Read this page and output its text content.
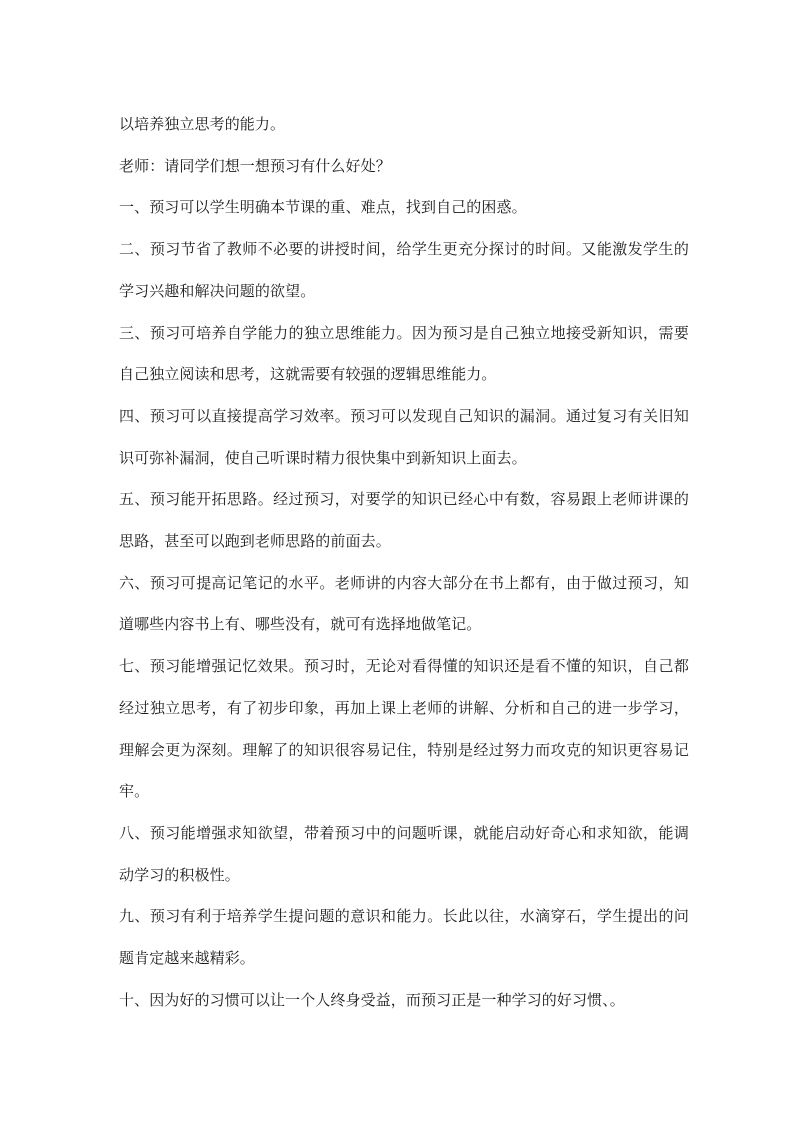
以培养独立思考的能力。

老师：请同学们想一想预习有什么好处？

一、预习可以学生明确本节课的重、难点，找到自己的困惑。

二、预习节省了教师不必要的讲授时间，给学生更充分探讨的时间。又能激发学生的学习兴趣和解决问题的欲望。

三、预习可培养自学能力的独立思维能力。因为预习是自己独立地接受新知识，需要自己独立阅读和思考，这就需要有较强的逻辑思维能力。

四、预习可以直接提高学习效率。预习可以发现自己知识的漏洞。通过复习有关旧知识可弥补漏洞，使自己听课时精力很快集中到新知识上面去。

五、预习能开拓思路。经过预习，对要学的知识已经心中有数，容易跟上老师讲课的思路，甚至可以跑到老师思路的前面去。

六、预习可提高记笔记的水平。老师讲的内容大部分在书上都有，由于做过预习，知道哪些内容书上有、哪些没有，就可有选择地做笔记。

七、预习能增强记忆效果。预习时，无论对看得懂的知识还是看不懂的知识，自己都经过独立思考，有了初步印象，再加上课上老师的讲解、分析和自己的进一步学习，理解会更为深刻。理解了的知识很容易记住，特别是经过努力而攻克的知识更容易记牢。

八、预习能增强求知欲望，带着预习中的问题听课，就能启动好奇心和求知欲，能调动学习的积极性。

九、预习有利于培养学生提问题的意识和能力。长此以往，水滴穿石，学生提出的问题肯定越来越精彩。

十、因为好的习惯可以让一个人终身受益，而预习正是一种学习的好习惯、。
